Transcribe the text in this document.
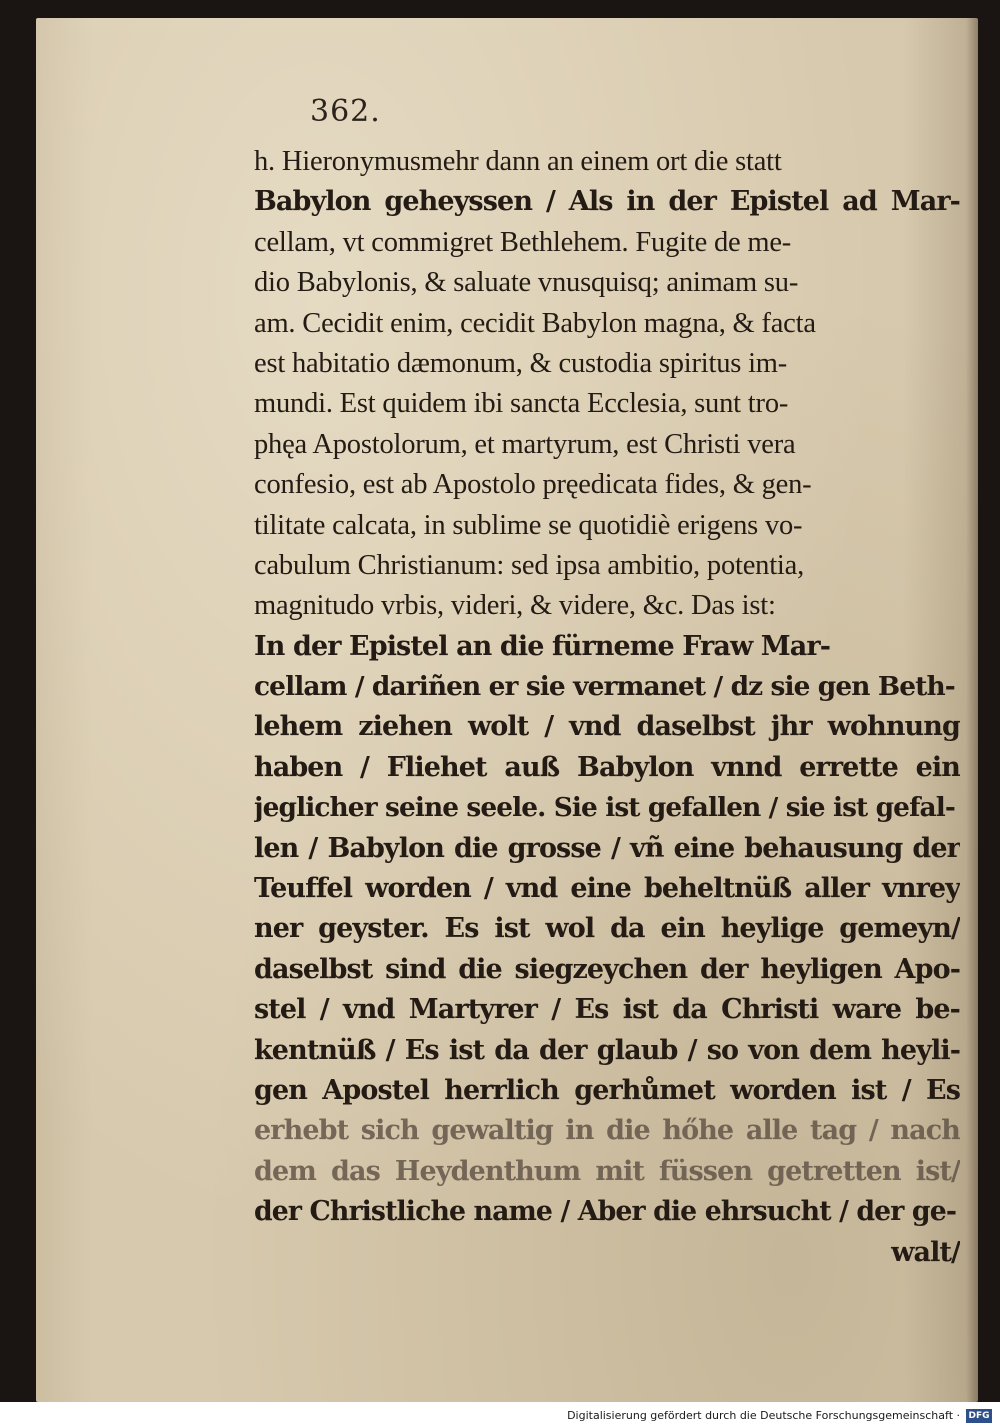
362.
h. Hieronymusmehr dann an einem ort die statt
Babylon geheyssen / Als in der Epistel ad Mar-
cellam, vt commigret Bethlehem. Fugite de me-
dio Babylonis, & saluate vnusquisq; animam su-
am. Cecidit enim, cecidit Babylon magna, & facta
est habitatio dæmonum, & custodia spiritus im-
mundi. Est quidem ibi sancta Ecclesia, sunt tro-
phęa Apostolorum, et martyrum, est Christi vera
confesio, est ab Apostolo pręedicata fides, & gen-
tilitate calcata, in sublime se quotidiè erigens vo-
cabulum Christianum: sed ipsa ambitio, potentia,
magnitudo vrbis, videri, & videre, &c. Das ist:
In der Epistel an die fürneme Fraw Mar-
cellam / dariñen er sie vermanet / dz sie gen Beth-
lehem ziehen wolt / vnd daselbst jhr wohnung
haben / Fliehet auß Babylon vnnd errette ein
jeglicher seine seele. Sie ist gefallen / sie ist gefal-
len / Babylon die grosse / vñ eine behausung der
Teuffel worden / vnd eine beheltnüß aller vnrey
ner geyster. Es ist wol da ein heylige gemeyn/
daselbst sind die siegzeychen der heyligen Apo-
stel / vnd Martyrer / Es ist da Christi ware be-
kentnüß / Es ist da der glaub / so von dem heyli-
gen Apostel herrlich gerhůmet worden ist / Es
erhebt sich gewaltig in die hőhe alle tag / nach
dem das Heydenthum mit füssen getretten ist/
der Christliche name / Aber die ehrsucht / der ge-
walt/
Digitalisierung gefördert durch die Deutsche Forschungsgemeinschaft · DFG
